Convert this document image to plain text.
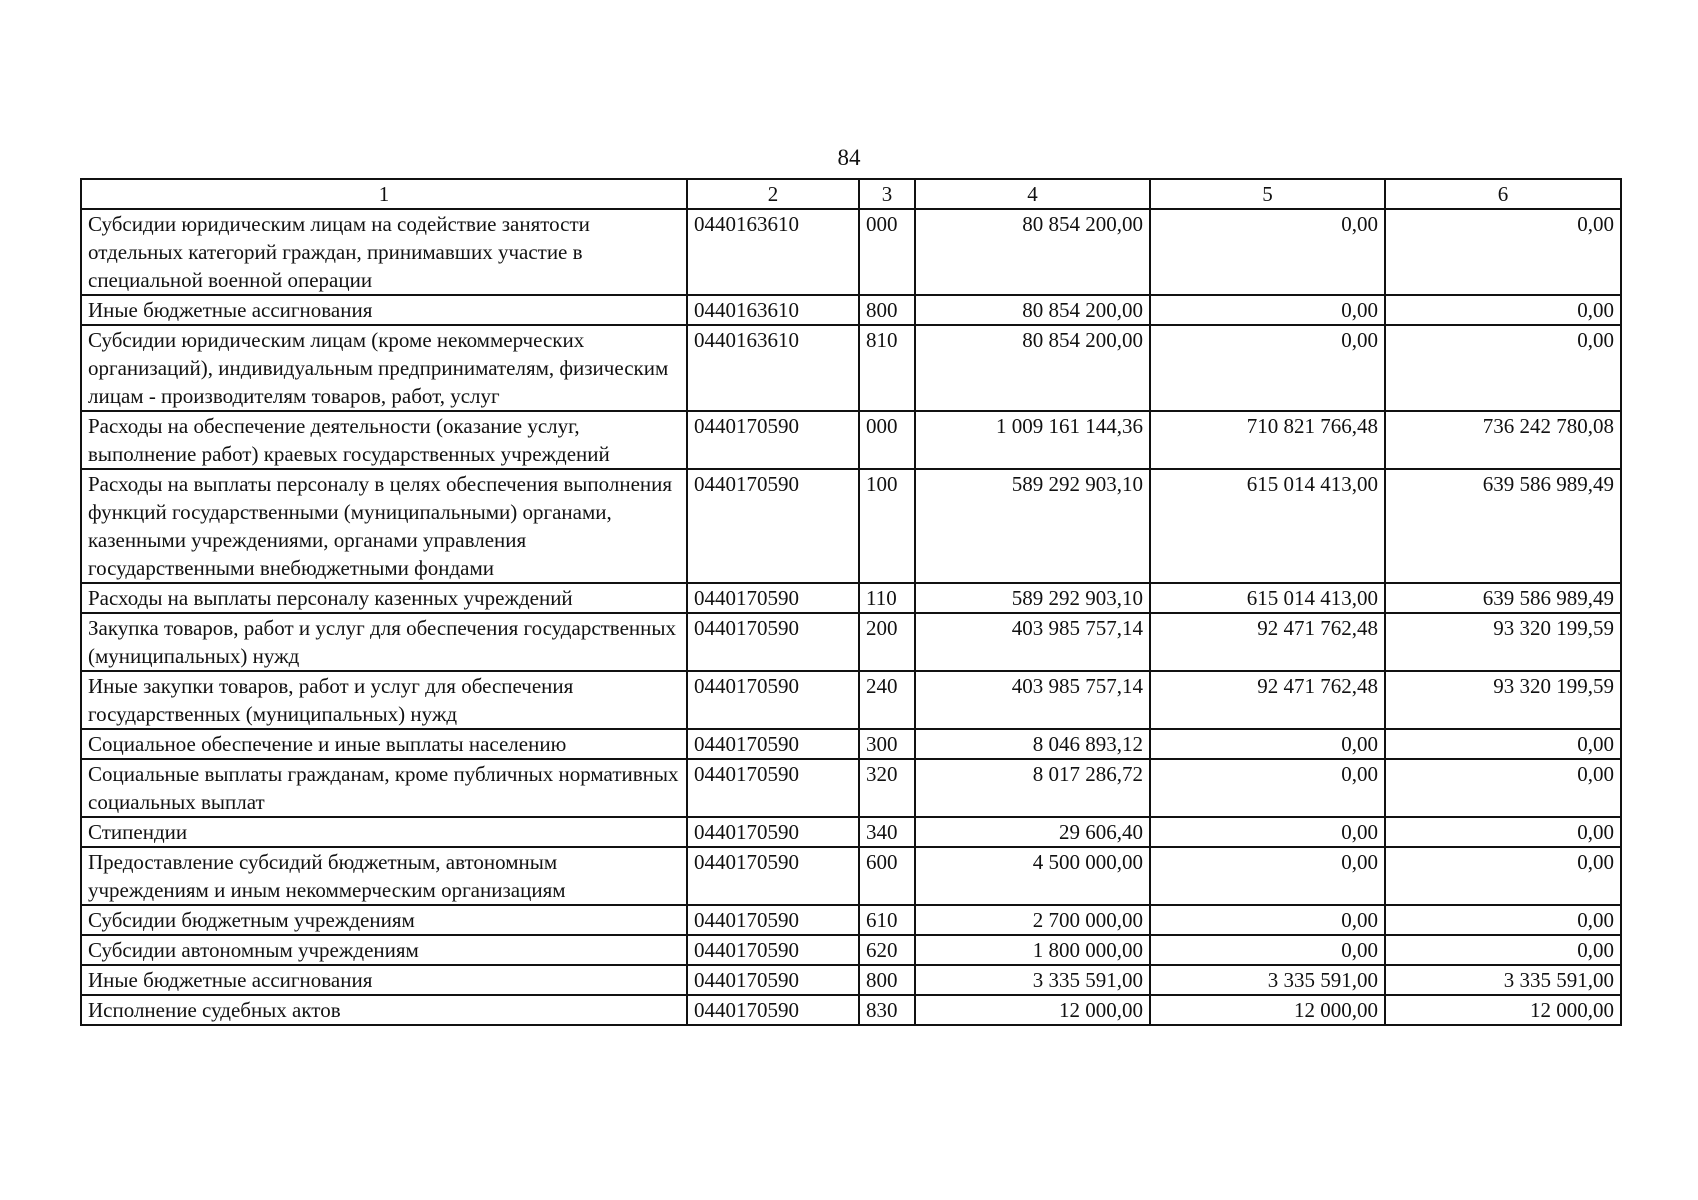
84
1	2	3	4	5	6
Субсидии юридическим лицам на содействие занятости отдельных категорий граждан, принимавших участие в специальной военной операции	0440163610	000	80 854 200,00	0,00	0,00
Иные бюджетные ассигнования	0440163610	800	80 854 200,00	0,00	0,00
Субсидии юридическим лицам (кроме некоммерческих организаций), индивидуальным предпринимателям, физическим лицам - производителям товаров, работ, услуг	0440163610	810	80 854 200,00	0,00	0,00
Расходы на обеспечение деятельности (оказание услуг, выполнение работ) краевых государственных учреждений	0440170590	000	1 009 161 144,36	710 821 766,48	736 242 780,08
Расходы на выплаты персоналу в целях обеспечения выполнения функций государственными (муниципальными) органами, казенными учреждениями, органами управления государственными внебюджетными фондами	0440170590	100	589 292 903,10	615 014 413,00	639 586 989,49
Расходы на выплаты персоналу казенных учреждений	0440170590	110	589 292 903,10	615 014 413,00	639 586 989,49
Закупка товаров, работ и услуг для обеспечения государственных (муниципальных) нужд	0440170590	200	403 985 757,14	92 471 762,48	93 320 199,59
Иные закупки товаров, работ и услуг для обеспечения государственных (муниципальных) нужд	0440170590	240	403 985 757,14	92 471 762,48	93 320 199,59
Социальное обеспечение и иные выплаты населению	0440170590	300	8 046 893,12	0,00	0,00
Социальные выплаты гражданам, кроме публичных нормативных социальных выплат	0440170590	320	8 017 286,72	0,00	0,00
Стипендии	0440170590	340	29 606,40	0,00	0,00
Предоставление субсидий бюджетным, автономным учреждениям и иным некоммерческим организациям	0440170590	600	4 500 000,00	0,00	0,00
Субсидии бюджетным учреждениям	0440170590	610	2 700 000,00	0,00	0,00
Субсидии автономным учреждениям	0440170590	620	1 800 000,00	0,00	0,00
Иные бюджетные ассигнования	0440170590	800	3 335 591,00	3 335 591,00	3 335 591,00
Исполнение судебных актов	0440170590	830	12 000,00	12 000,00	12 000,00
